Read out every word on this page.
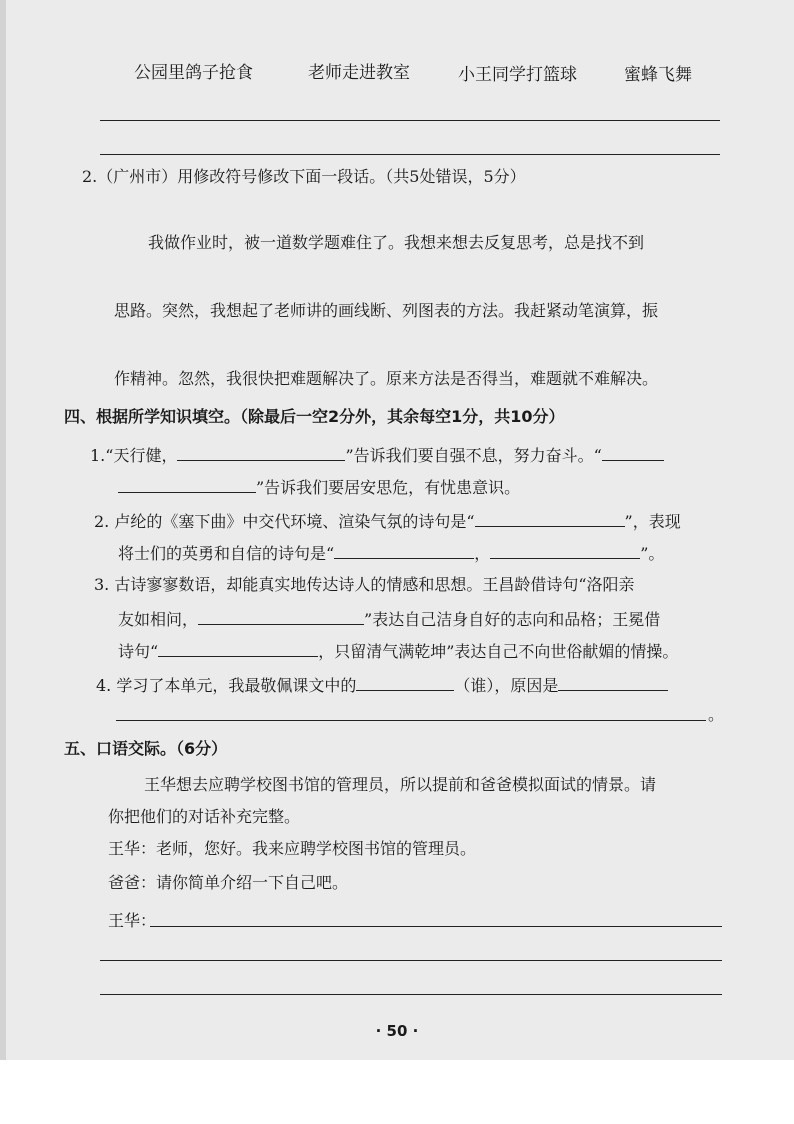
公园里鸽子抢食	老师走进教室	小王同学打篮球	蜜蜂飞舞
2.（广州市）用修改符号修改下面一段话。（共5处错误，5分）
我做作业时，被一道数学题难住了。我想来想去反复思考，总是找不到
思路。突然，我想起了老师讲的画线断、列图表的方法。我赶紧动笔演算，振
作精神。忽然，我很快把难题解决了。原来方法是否得当，难题就不难解决。
四、根据所学知识填空。（除最后一空2分外，其余每空1分，共10分）
1.“天行健，	”告诉我们要自强不息，努力奋斗。“
”告诉我们要居安思危，有忧患意识。
2. 卢纶的《塞下曲》中交代环境、渲染气氛的诗句是“	”，表现
将士们的英勇和自信的诗句是“	，	”。
3. 古诗寥寥数语，却能真实地传达诗人的情感和思想。王昌龄借诗句“洛阳亲
友如相问，	”表达自己洁身自好的志向和品格；王冕借
诗句“	，只留清气满乾坤”表达自己不向世俗献媚的情操。
4. 学习了本单元，我最敬佩课文中的	（谁），原因是
。
五、口语交际。（6分）
王华想去应聘学校图书馆的管理员，所以提前和爸爸模拟面试的情景。请
你把他们的对话补充完整。
王华：老师，您好。我来应聘学校图书馆的管理员。
爸爸：请你简单介绍一下自己吧。
王华：
· 50 ·
